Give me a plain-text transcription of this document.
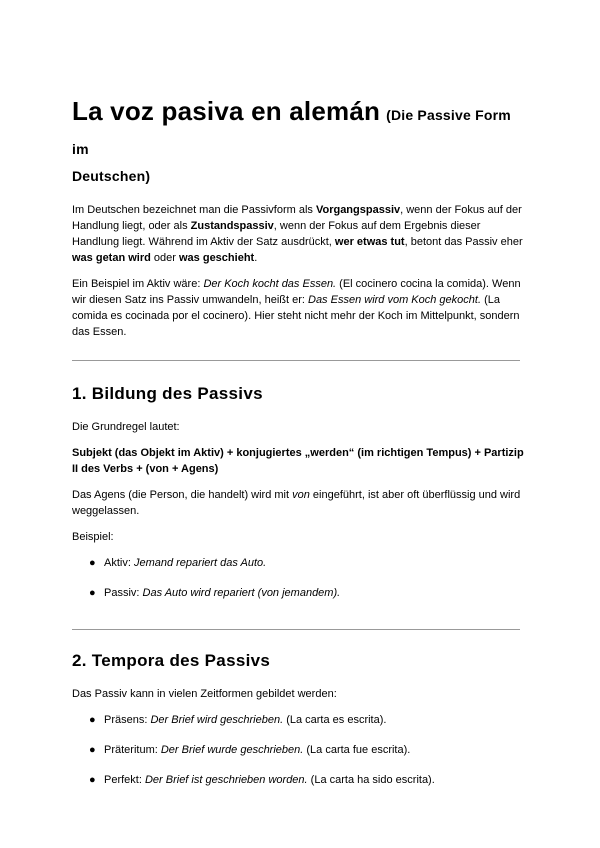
La voz pasiva en alemán (Die Passive Form im
Deutschen)

Im Deutschen bezeichnet man die Passivform als Vorgangspassiv, wenn der Fokus auf der Handlung liegt, oder als Zustandspassiv, wenn der Fokus auf dem Ergebnis dieser Handlung liegt. Während im Aktiv der Satz ausdrückt, wer etwas tut, betont das Passiv eher was getan wird oder was geschieht.

Ein Beispiel im Aktiv wäre: Der Koch kocht das Essen. (El cocinero cocina la comida). Wenn wir diesen Satz ins Passiv umwandeln, heißt er: Das Essen wird vom Koch gekocht. (La comida es cocinada por el cocinero). Hier steht nicht mehr der Koch im Mittelpunkt, sondern das Essen.

1. Bildung des Passivs

Die Grundregel lautet:

Subjekt (das Objekt im Aktiv) + konjugiertes „werden“ (im richtigen Tempus) + Partizip II des Verbs + (von + Agens)

Das Agens (die Person, die handelt) wird mit von eingeführt, ist aber oft überflüssig und wird weggelassen.

Beispiel:

● Aktiv: Jemand repariert das Auto.
● Passiv: Das Auto wird repariert (von jemandem).
2. Tempora des Passivs

Das Passiv kann in vielen Zeitformen gebildet werden:

● Präsens: Der Brief wird geschrieben. (La carta es escrita).
● Präteritum: Der Brief wurde geschrieben. (La carta fue escrita).
● Perfekt: Der Brief ist geschrieben worden. (La carta ha sido escrita).
